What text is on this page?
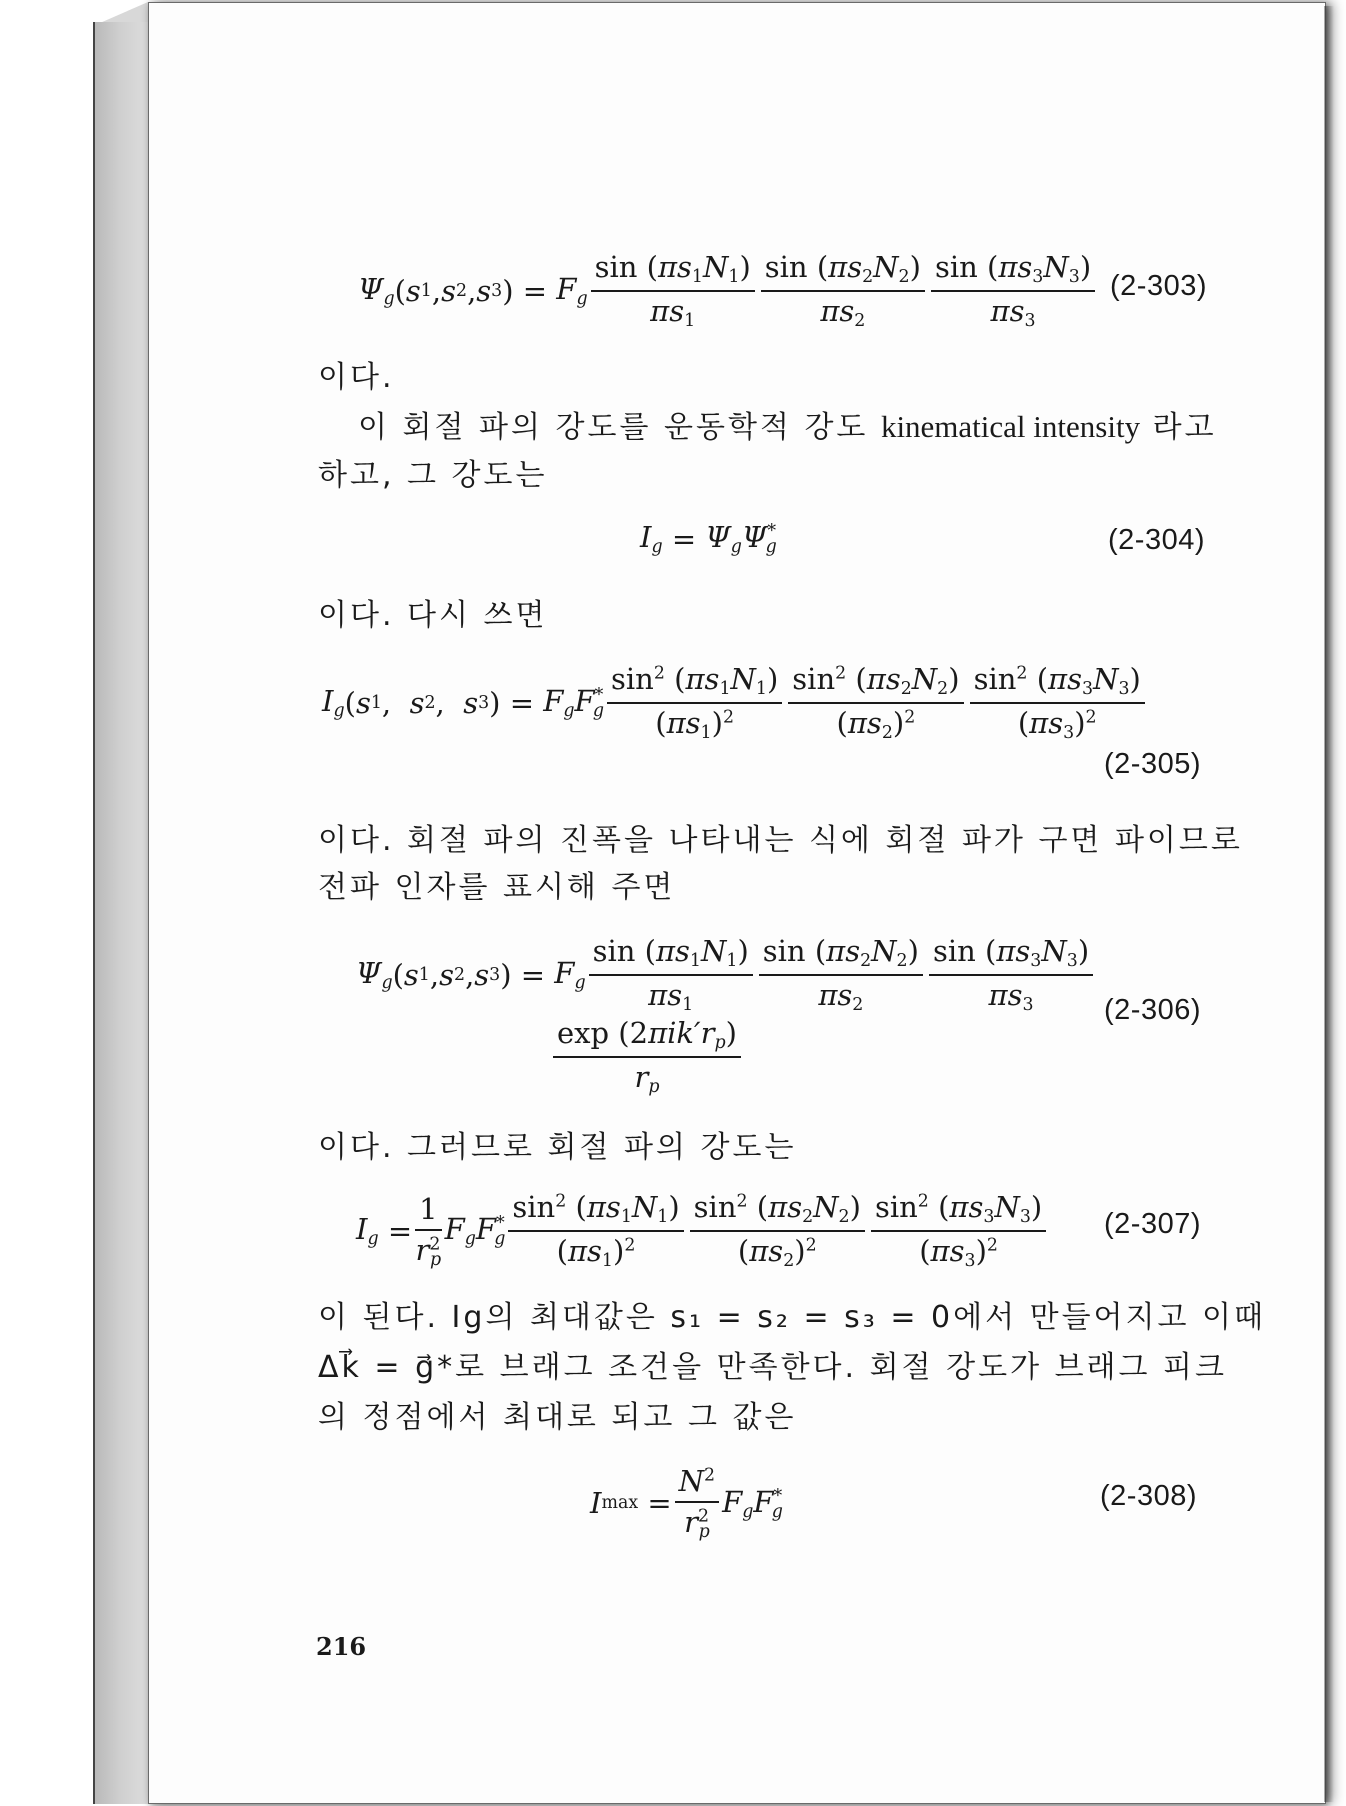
$\Psi_g$ ( s 1 , s 2 , s 3 ) = $F_g \frac{\sin (\pi s_1N_1)}{\pi s_1} \frac{\sin (\pi s_2N_2)}{\pi s_2} \frac{\sin (\pi s_3N_3)}{\pi s_3} (2-303)$
이다.
이 회절 파의 강도를 운동학적 강도 kinematical intensity 라고
하고, 그 강도는
$I_g = \Psi_g\Psi^*_g$	(2-304)
이다. 다시 쓰면
$I_g$ ( s 1 , s 2 , s 3 ) = $F_gF^*_g \frac{\sin^2 (\pi s_1N_1)}{(\pi s_1)^2} \frac{\sin^2 (\pi s_2N_2)}{(\pi s_2)^2} \frac{\sin^2 (\pi s_3N_3)}{(\pi s_3)^2}$
(2-305)
이다. 회절 파의 진폭을 나타내는 식에 회절 파가 구면 파이므로
전파 인자를 표시해 주면
$\Psi_g$ ( s 1 , s 2 , s 3 ) = $F_g \frac{\sin (\pi s_1N_1)}{\pi s_1} \frac{\sin (\pi s_2N_2)}{\pi s_2} \frac{\sin (\pi s_3N_3)}{\pi s_3}$
$\frac{\exp (2\pi ik'r_p)}{r_p}$
(2-306)
이다. 그러므로 회절 파의 강도는
$I_g = \frac{1}{r^2_p} F_gF^*_g \frac{\sin^2 (\pi s_1N_1)}{(\pi s_1)^2} \frac{\sin^2 (\pi s_2N_2)}{(\pi s_2)^2} \frac{\sin^2 (\pi s_3N_3)}{(\pi s_3)^2} (2-307)$
이 된다. Ig의 최대값은 s₁ = s₂ = s₃ = 0에서 만들어지고 이때
Δk⃗ = g⃗*로 브래그 조건을 만족한다. 회절 강도가 브래그 피크
의 정점에서 최대로 되고 그 값은
I $\max = \frac{N^2}{r^2_p} F_gF^*_g$	(2-308)
216
